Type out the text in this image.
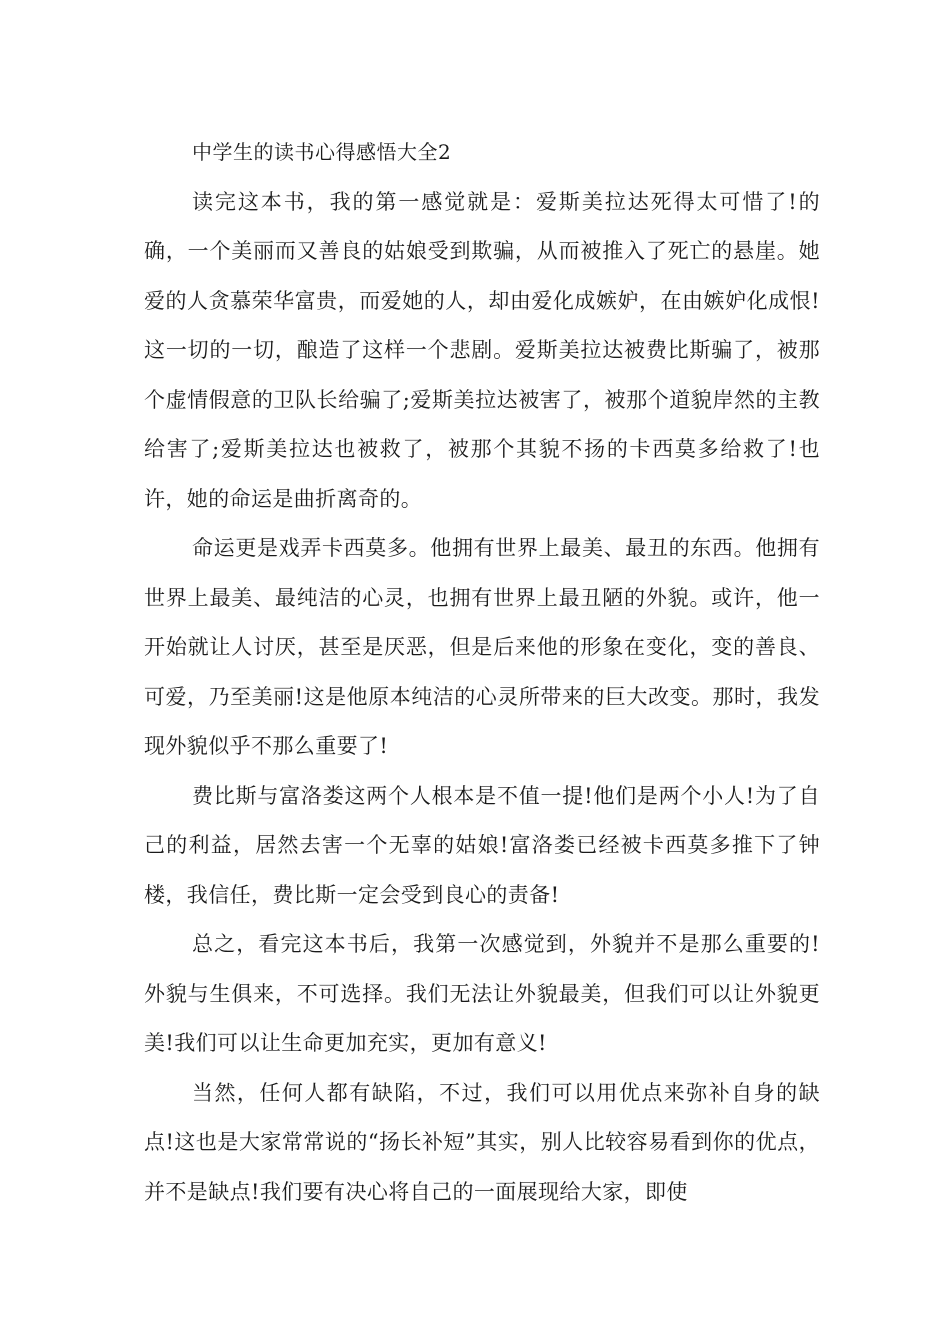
中学生的读书心得感悟大全2

读完这本书，我的第一感觉就是：爱斯美拉达死得太可惜了!的确，一个美丽而又善良的姑娘受到欺骗，从而被推入了死亡的悬崖。她爱的人贪慕荣华富贵，而爱她的人，却由爱化成嫉妒，在由嫉妒化成恨!这一切的一切，酿造了这样一个悲剧。爱斯美拉达被费比斯骗了，被那个虚情假意的卫队长给骗了;爱斯美拉达被害了，被那个道貌岸然的主教给害了;爱斯美拉达也被救了，被那个其貌不扬的卡西莫多给救了!也许，她的命运是曲折离奇的。

命运更是戏弄卡西莫多。他拥有世界上最美、最丑的东西。他拥有世界上最美、最纯洁的心灵，也拥有世界上最丑陋的外貌。或许，他一开始就让人讨厌，甚至是厌恶，但是后来他的形象在变化，变的善良、可爱，乃至美丽!这是他原本纯洁的心灵所带来的巨大改变。那时，我发现外貌似乎不那么重要了!

费比斯与富洛娄这两个人根本是不值一提!他们是两个小人!为了自己的利益，居然去害一个无辜的姑娘!富洛娄已经被卡西莫多推下了钟楼，我信任，费比斯一定会受到良心的责备!

总之，看完这本书后，我第一次感觉到，外貌并不是那么重要的!外貌与生俱来，不可选择。我们无法让外貌最美，但我们可以让外貌更美!我们可以让生命更加充实，更加有意义!

当然，任何人都有缺陷，不过，我们可以用优点来弥补自身的缺点!这也是大家常常说的“扬长补短”其实，别人比较容易看到你的优点，并不是缺点!我们要有决心将自己的一面展现给大家，即使
